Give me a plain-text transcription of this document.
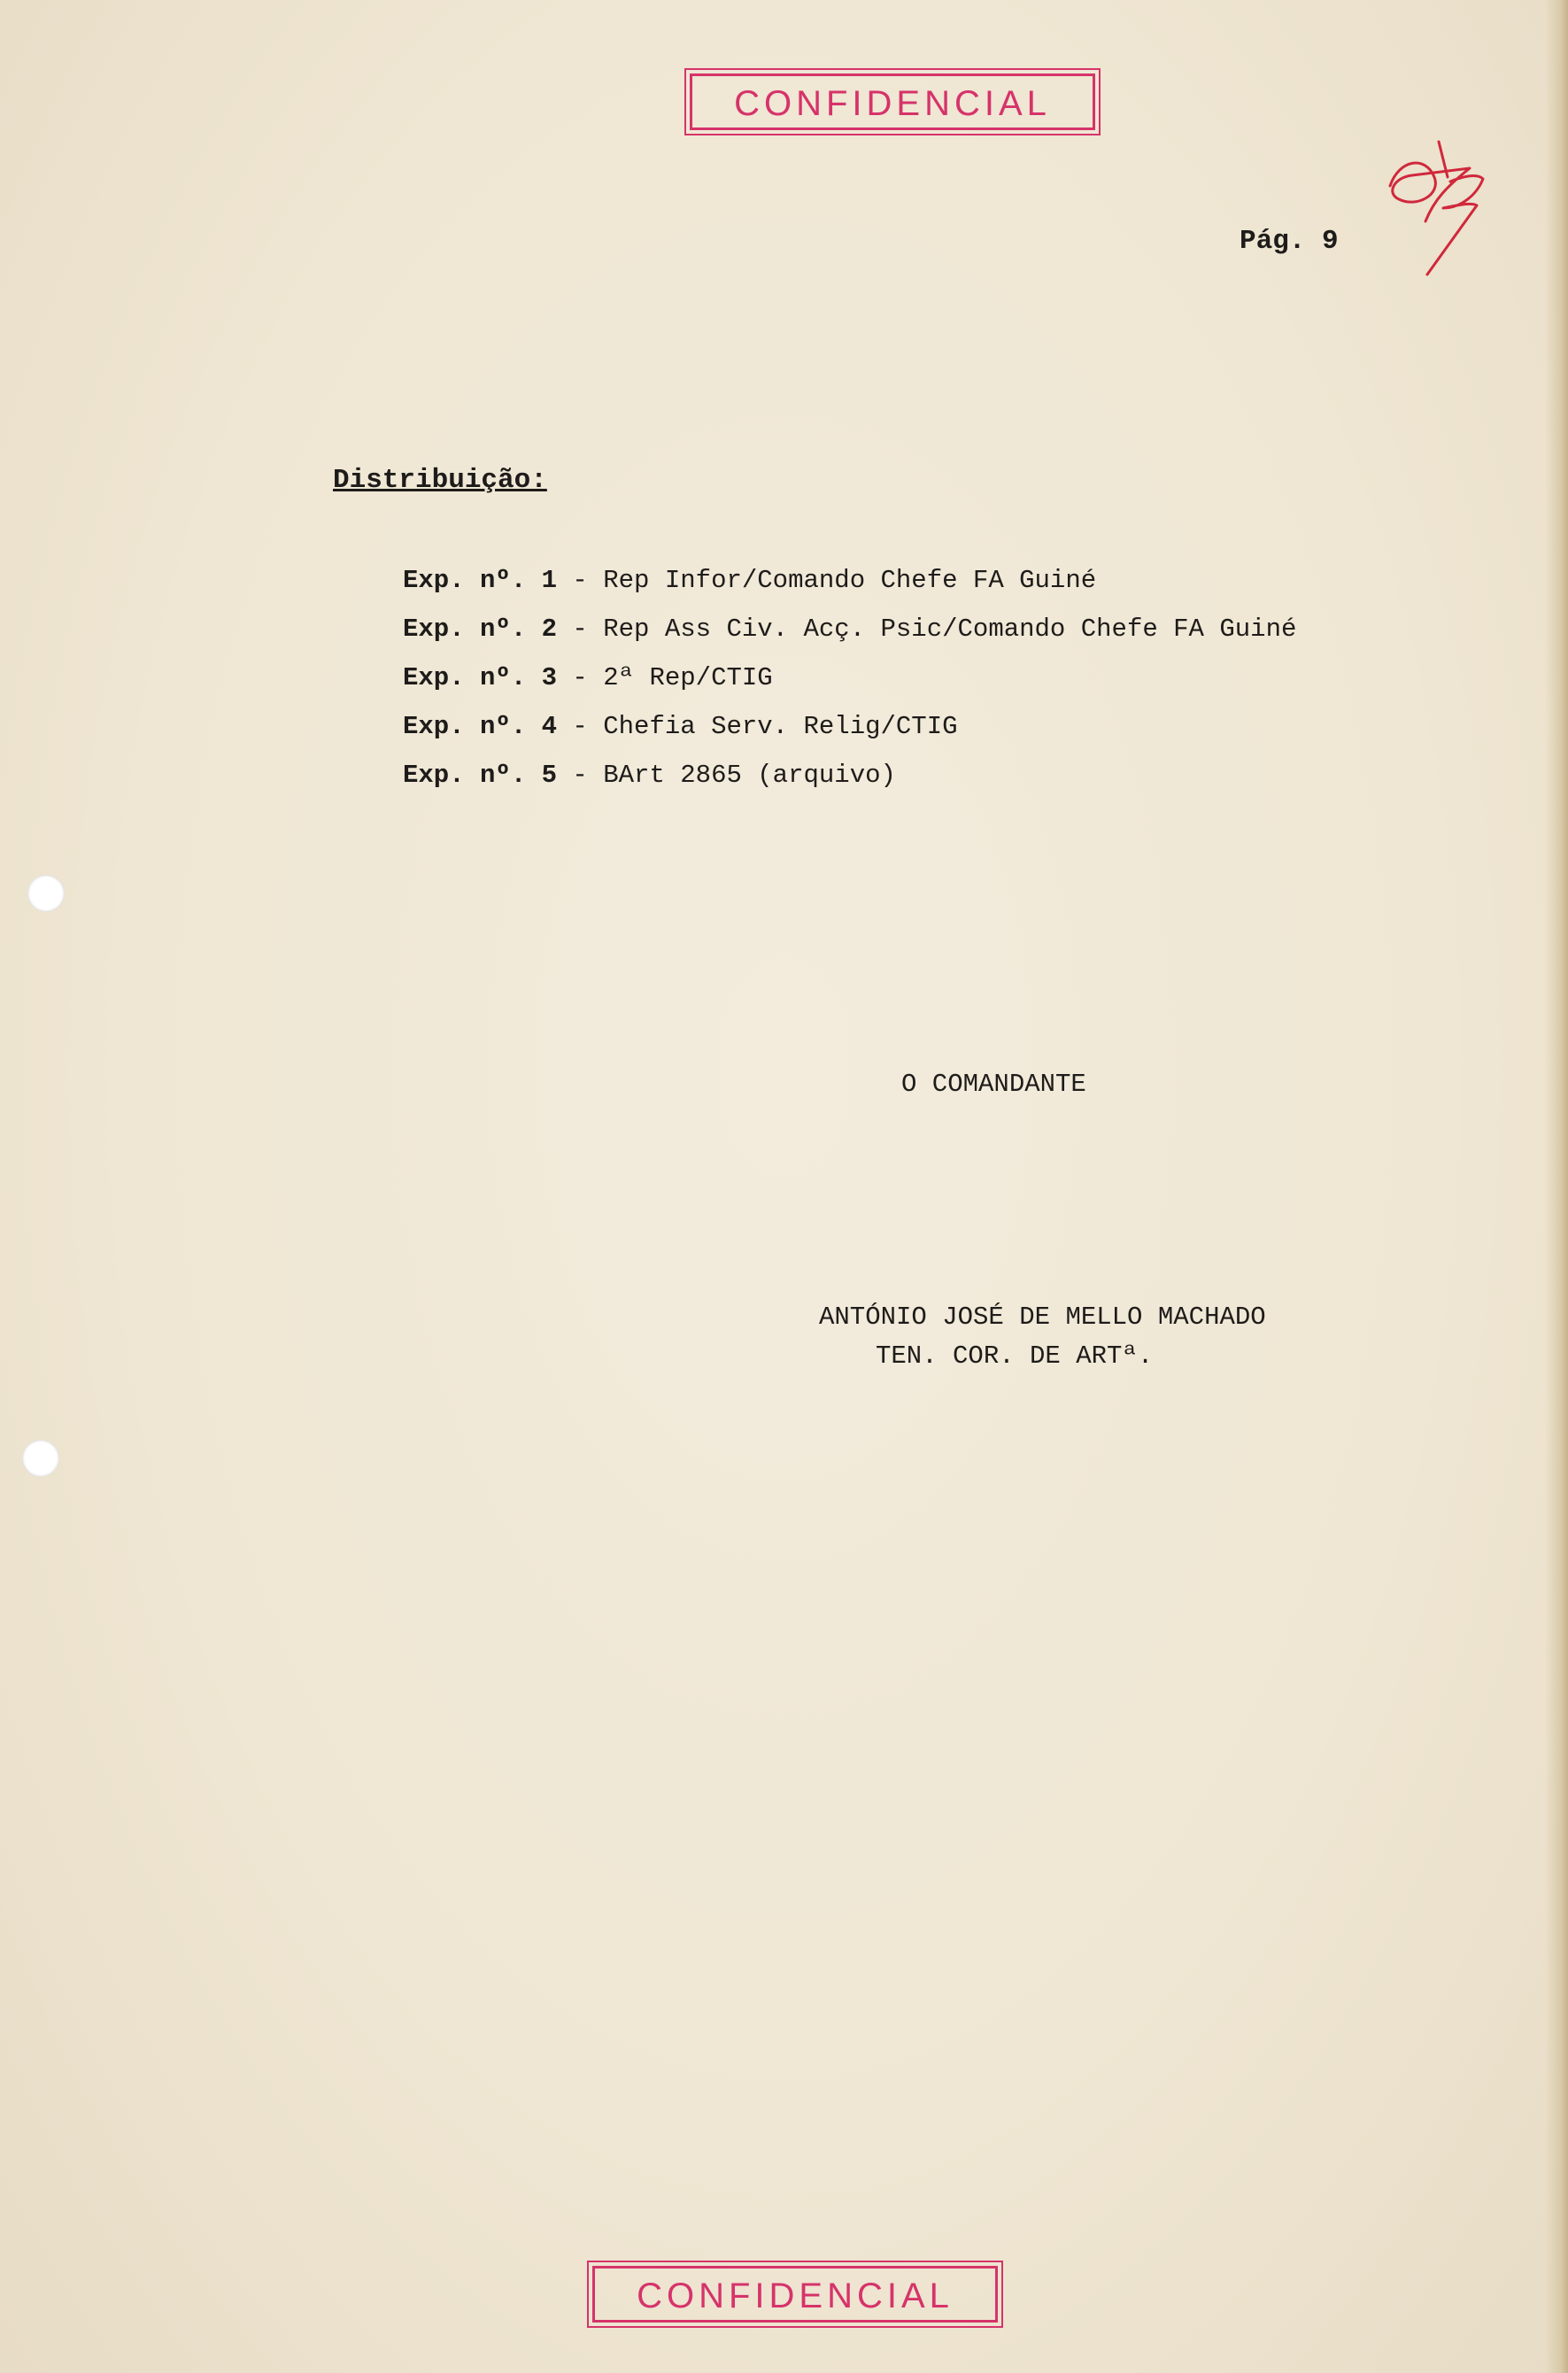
CONFIDENCIAL
Pág. 9
Distribuição:
Exp. nº. 1 - Rep Infor/Comando Chefe FA Guiné
Exp. nº. 2 - Rep Ass Civ. Acç. Psic/Comando Chefe FA Guiné
Exp. nº. 3 - 2ª Rep/CTIG
Exp. nº. 4 - Chefia Serv. Relig/CTIG
Exp. nº. 5 - BArt 2865 (arquivo)
O COMANDANTE
ANTÓNIO JOSÉ DE MELLO MACHADO
TEN. COR. DE ARTª.
CONFIDENCIAL
